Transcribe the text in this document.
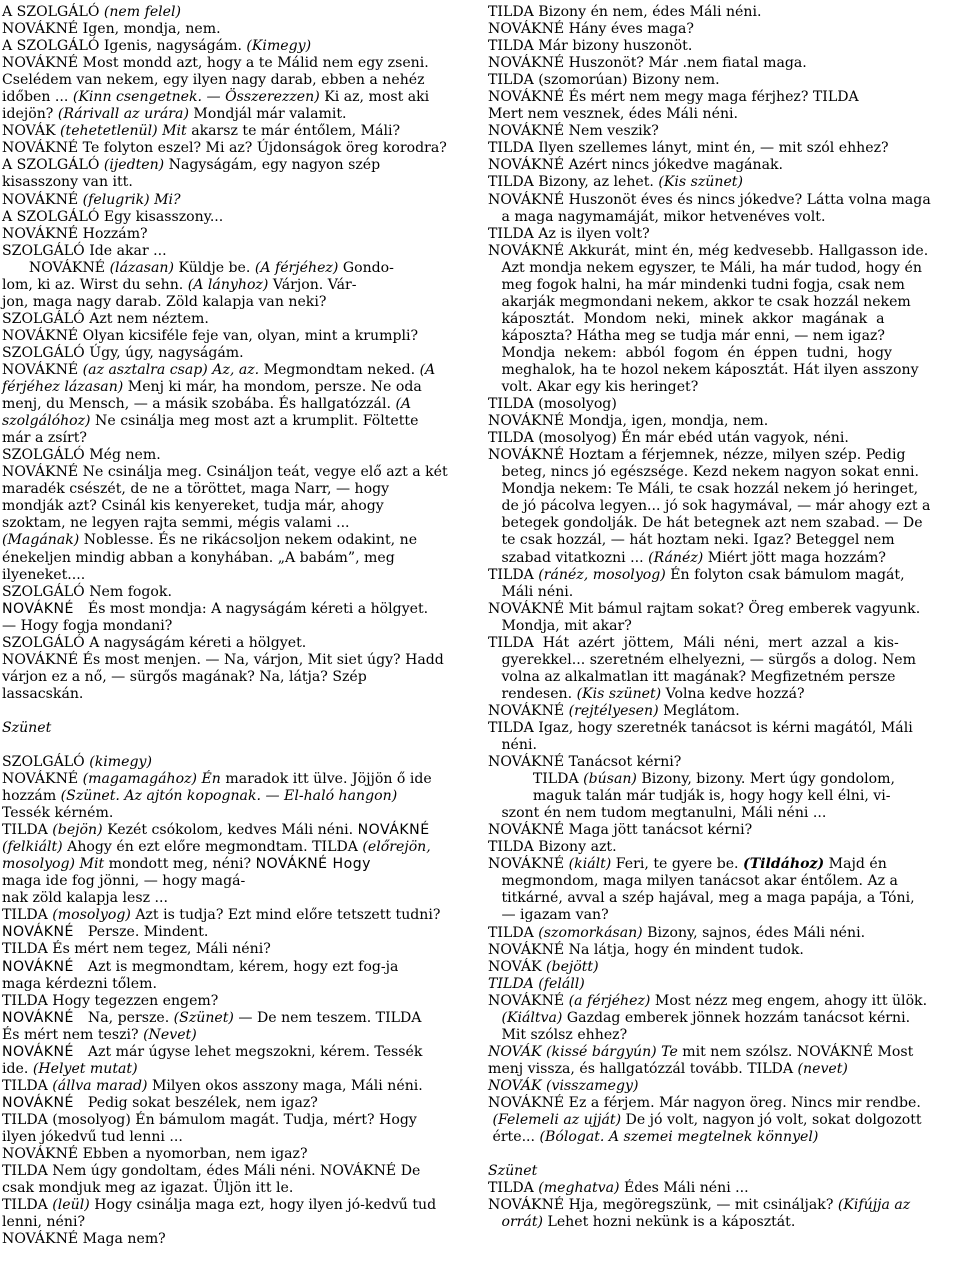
A SZOLGÁLÓ (nem felel)
NOVÁKNÉ Igen, mondja, nem.
A SZOLGÁLÓ Igenis, nagyságám. (Kimegy)
NOVÁKNÉ Most mondd azt, hogy a te Málid nem egy zseni.
Cselédem van nekem, egy ilyen nagy darab, ebben a nehéz
időben ... (Kinn csengetnek. — Összerezzen) Ki az, most aki
idejön? (Rárivall az urára) Mondjál már valamit.
NOVÁK (tehetetlenül) Mit akarsz te már éntőlem, Máli?
NOVÁKNÉ Te folyton eszel? Mi az? Újdonságok öreg korodra?
A SZOLGÁLÓ (ijedten) Nagyságám, egy nagyon szép
kisasszony van itt.
NOVÁKNÉ (felugrik) Mi?
A SZOLGÁLÓ Egy kisasszony...
NOVÁKNÉ Hozzám?
SZOLGÁLÓ Ide akar ...
NOVÁKNÉ (lázasan) Küldje be. (A férjéhez) Gondo-
lom, ki az. Wirst du sehn. (A lányhoz) Várjon. Vár-
jon, maga nagy darab. Zöld kalapja van neki?
SZOLGÁLÓ Azt nem néztem.
NOVÁKNÉ Olyan kicsiféle feje van, olyan, mint a krumpli?
SZOLGÁLÓ Úgy, úgy, nagyságám.
NOVÁKNÉ (az asztalra csap) Az, az. Megmondtam neked. (A
férjéhez lázasan) Menj ki már, ha mondom, persze. Ne oda
menj, du Mensch, — a másik szobába. És hallgatózzál. (A
szolgálóhoz) Ne csinálja meg most azt a krumplit. Föltette
már a zsírt?
SZOLGÁLÓ Még nem.
NOVÁKNÉ Ne csinálja meg. Csináljon teát, vegye elő azt a két
maradék csészét, de ne a töröttet, maga Narr, — hogy
mondják azt? Csinál kis kenyereket, tudja már, ahogy
szoktam, ne legyen rajta semmi, mégis valami ...
(Magának) Noblesse. És ne rikácsoljon nekem odakint, ne
énekeljen mindig abban a konyhában. „A babám”, meg
ilyeneket....
SZOLGÁLÓ Nem fogok.
NOVÁKNÉ   És most mondja: A nagyságám kéreti a hölgyet.
— Hogy fogja mondani?
SZOLGÁLÓ A nagyságám kéreti a hölgyet.
NOVÁKNÉ És most menjen. — Na, várjon, Mit siet úgy? Hadd
várjon ez a nő, — sürgős magának? Na, látja? Szép
lassacskán.
Szünet
SZOLGÁLÓ (kimegy)
NOVÁKNÉ (magamagához) Én maradok itt ülve. Jöjjön ő ide
hozzám (Szünet. Az ajtón kopognak. — El-haló hangon)
Tessék kérném.
TILDA (bejön) Kezét csókolom, kedves Máli néni. NOVÁKNÉ
(felkiált) Ahogy én ezt előre megmondtam. TILDA (előrejön,
mosolyog) Mit mondott meg, néni? NOVÁKNÉ Hogy
maga ide fog jönni, — hogy magá-
nak zöld kalapja lesz ...
TILDA (mosolyog) Azt is tudja? Ezt mind előre tetszett tudni?
NOVÁKNÉ   Persze. Mindent.
TILDA És mért nem tegez, Máli néni?
NOVÁKNÉ   Azt is megmondtam, kérem, hogy ezt fog-ja
maga kérdezni tőlem.
TILDA Hogy tegezzen engem?
NOVÁKNÉ   Na, persze. (Szünet) — De nem teszem. TILDA
És mért nem teszi? (Nevet)
NOVÁKNÉ   Azt már úgyse lehet megszokni, kérem. Tessék
ide. (Helyet mutat)
TILDA (állva marad) Milyen okos asszony maga, Máli néni.
NOVÁKNÉ   Pedig sokat beszélek, nem igaz?
TILDA (mosolyog) Én bámulom magát. Tudja, mért? Hogy
ilyen jókedvű tud lenni ...
NOVÁKNÉ Ebben a nyomorban, nem igaz?
TILDA Nem úgy gondoltam, édes Máli néni. NOVÁKNÉ De
csak mondjuk meg az igazat. Üljön itt le.
TILDA (leül) Hogy csinálja maga ezt, hogy ilyen jó-kedvű tud
lenni, néni?
NOVÁKNÉ Maga nem?
TILDA Bizony én nem, édes Máli néni.
NOVÁKNÉ Hány éves maga?
TILDA Már bizony huszonöt.
NOVÁKNÉ Huszonöt? Már .nem fiatal maga.
TILDA (szomorúan) Bizony nem.
NOVÁKNÉ És mért nem megy maga férjhez? TILDA
Mert nem vesznek, édes Máli néni.
NOVÁKNÉ Nem veszik?
TILDA Ilyen szellemes lányt, mint én, — mit szól ehhez?
NOVÁKNÉ Azért nincs jókedve magának.
TILDA Bizony, az lehet. (Kis szünet)
NOVÁKNÉ Huszonöt éves és nincs jókedve? Látta volna maga
a maga nagymamáját, mikor hetvenéves volt.
TILDA Az is ilyen volt?
NOVÁKNÉ Akkurát, mint én, még kedvesebb. Hallgasson ide.
Azt mondja nekem egyszer, te Máli, ha már tudod, hogy én
meg fogok halni, ha már mindenki tudni fogja, csak nem
akarják megmondani nekem, akkor te csak hozzál nekem
káposztát.  Mondom  neki,  minek  akkor  magának  a
káposzta? Hátha meg se tudja már enni, — nem igaz?
Mondja  nekem:  abból  fogom  én  éppen  tudni,  hogy
meghalok, ha te hozol nekem káposztát. Hát ilyen asszony
volt. Akar egy kis heringet?
TILDA (mosolyog)
NOVÁKNÉ Mondja, igen, mondja, nem.
TILDA (mosolyog) Én már ebéd után vagyok, néni.
NOVÁKNÉ Hoztam a férjemnek, nézze, milyen szép. Pedig
beteg, nincs jó egészsége. Kezd nekem nagyon sokat enni.
Mondja nekem: Te Máli, te csak hozzál nekem jó heringet,
de jó pácolva legyen... jó sok hagymával, — már ahogy ezt a
betegek gondolják. De hát betegnek azt nem szabad. — De
te csak hozzál, — hát hoztam neki. Igaz? Beteggel nem
szabad vitatkozni ... (Ránéz) Miért jött maga hozzám?
TILDA (ránéz, mosolyog) Én folyton csak bámulom magát,
Máli néni.
NOVÁKNÉ Mit bámul rajtam sokat? Öreg emberek vagyunk.
Mondja, mit akar?
TILDA  Hát  azért  jöttem,  Máli  néni,  mert  azzal  a  kis-
gyerekkel... szeretném elhelyezni, — sürgős a dolog. Nem
volna az alkalmatlan itt magának? Megfizetném persze
rendesen. (Kis szünet) Volna kedve hozzá?
NOVÁKNÉ (rejtélyesen) Meglátom.
TILDA Igaz, hogy szeretnék tanácsot is kérni magától, Máli
néni.
NOVÁKNÉ Tanácsot kérni?
TILDA (búsan) Bizony, bizony. Mert úgy gondolom,
maguk talán már tudják is, hogy hogy kell élni, vi-
szont én nem tudom megtanulni, Máli néni ...
NOVÁKNÉ Maga jött tanácsot kérni?
TILDA Bizony azt.
NOVÁKNÉ (kiált) Feri, te gyere be. (Tildához) Majd én
megmondom, maga milyen tanácsot akar éntőlem. Az a
titkárné, avval a szép hajával, meg a maga papája, a Tóni,
— igazam van?
TILDA (szomorkásan) Bizony, sajnos, édes Máli néni.
NOVÁKNÉ Na látja, hogy én mindent tudok.
NOVÁK (bejött)
TILDA (feláll)
NOVÁKNÉ (a férjéhez) Most nézz meg engem, ahogy itt ülök.
(Kiáltva) Gazdag emberek jönnek hozzám tanácsot kérni.
Mit szólsz ehhez?
NOVÁK (kissé bárgyún) Te mit nem szólsz. NOVÁKNÉ Most
menj vissza, és hallgatózzál tovább. TILDA (nevet)
NOVÁK (visszamegy)
NOVÁKNÉ Ez a férjem. Már nagyon öreg. Nincs mir rendbe.
(Felemeli az ujját) De jó volt, nagyon jó volt, sokat dolgozott
érte... (Bólogat. A szemei megtelnek könnyel)
Szünet
TILDA (meghatva) Édes Máli néni ...
NOVÁKNÉ Hja, megöregszünk, — mit csináljak? (Kifújja az
orrát) Lehet hozni nekünk is a káposztát.
